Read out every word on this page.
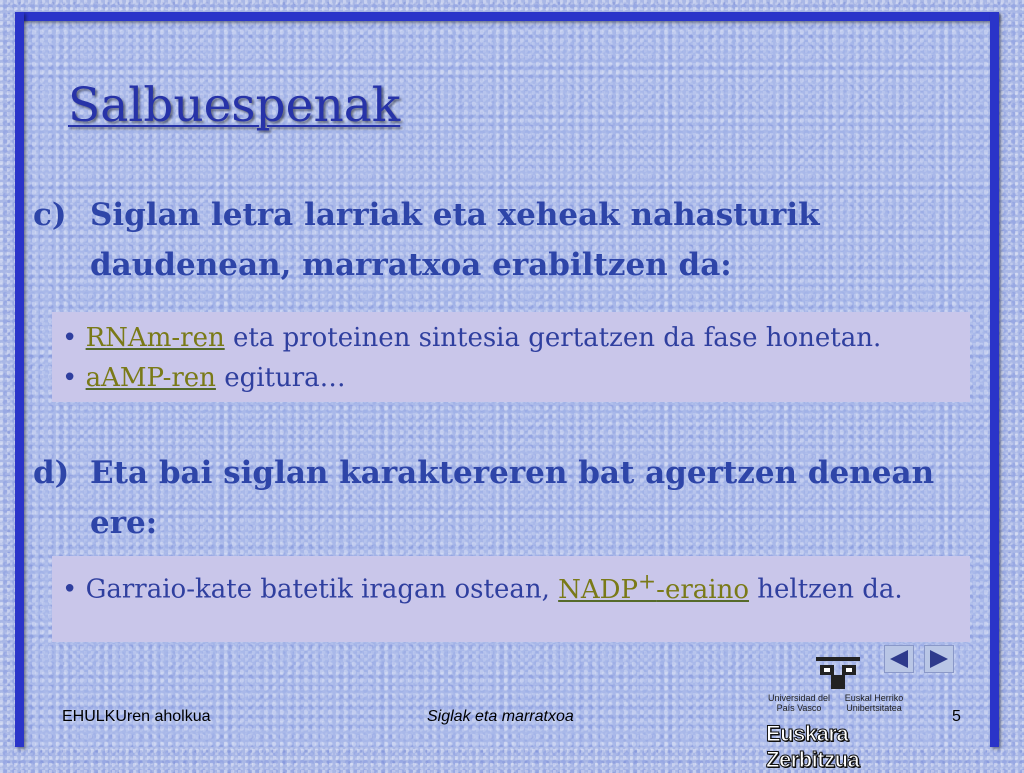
Salbuespenak
c) Siglan letra larriak eta xeheak nahasturik daudenean, marratxoa erabiltzen da:
• RNAm-ren eta proteinen sintesia gertatzen da fase honetan.
• aAMP-ren egitura…
d) Eta bai siglan karaktereren bat agertzen denean ere:
• Garraio-kate batetik iragan ostean, NADP+-eraino heltzen da.
Universidad del País Vasco
Euskal Herriko Unibertsitatea
Euskara Zerbitzua
EHULKUren aholkua	Siglak eta marratxoa	5
